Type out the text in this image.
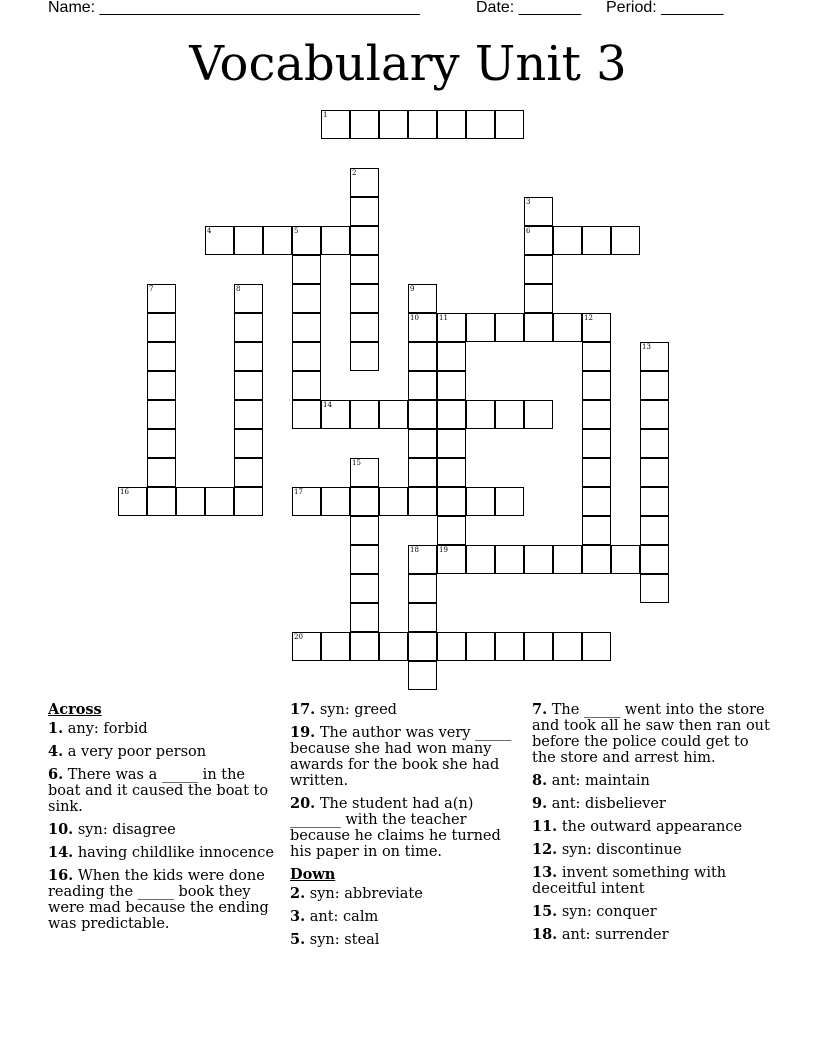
Name: ____________________________________	Date: _______ Period: _______
Vocabulary Unit 3
1
2
3
6
4	5
7	8	9
10	11	12
13
14
15
16	17
18	19
20
Across
1. any: forbid
4. a very poor person
6. There was a _____ in the boat and it caused the boat to sink.
10. syn: disagree
14. having childlike innocence
16. When the kids were done reading the _____ book they were mad because the ending was predictable.
17. syn: greed
19. The author was very _____ because she had won many awards for the book she had written.
20. The student had a(n) _______ with the teacher because he claims he turned his paper in on time.
Down
2. syn: abbreviate
3. ant: calm
5. syn: steal
7. The _____ went into the store and took all he saw then ran out before the police could get to the store and arrest him.
8. ant: maintain
9. ant: disbeliever
11. the outward appearance
12. syn: discontinue
13. invent something with deceitful intent
15. syn: conquer
18. ant: surrender
